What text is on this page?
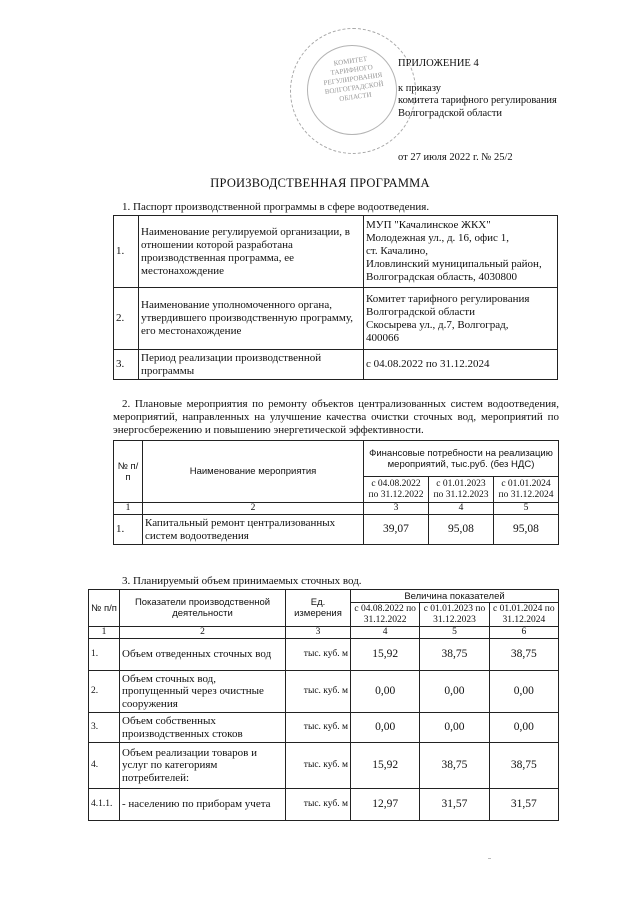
КОМИТЕТ ТАРИФНОГО РЕГУЛИРОВАНИЯ ВОЛГОГРАДСКОЙ ОБЛАСТИ
ПРИЛОЖЕНИЕ 4
к приказу
комитета тарифного регулирования
Волгоградской области
от 27 июля 2022 г. № 25/2
ПРОИЗВОДСТВЕННАЯ ПРОГРАММА
1. Паспорт производственной программы в сфере водоотведения.
1.	Наименование регулируемой организации, в отношении которой разработана производственная программа, ее местонахождение	МУП "Качалинское ЖКХ"
Молодежная ул., д. 16, офис 1,
ст. Качалино,
Иловлинский муниципальный район,
Волгоградская область, 4030800

2.	Наименование уполномоченного органа, утвердившего производственную программу, его местонахождение	Комитет тарифного регулирования
Волгоградской области
Скосырева ул., д.7, Волгоград,
400066

3.	Период реализации производственной программы	с 04.08.2022 по 31.12.2024
2. Плановые мероприятия по ремонту объектов централизованных систем водоотведения, мероприятий, направленных на улучшение качества очистки сточных вод, мероприятий по энергосбережению и повышению энергетической эффективности.
№ п/п	Наименование мероприятия	Финансовые потребности на реализацию мероприятий, тыс.руб. (без НДС)		
		с 04.08.2022 по 31.12.2022	с 01.01.2023 по 31.12.2023	с 01.01.2024 по 31.12.2024
1	2	3	4	5
1.	Капитальный ремонт централизованных систем водоотведения	39,07	95,08	95,08
3. Планируемый объем принимаемых сточных вод.
№ п/п	Показатели производственной деятельности	Ед. измерения	Величина показателей		
			с 04.08.2022 по 31.12.2022	с 01.01.2023 по 31.12.2023	с 01.01.2024 по 31.12.2024
1	2	3	4	5	6
1.	Объем отведенных сточных вод	тыс. куб. м	15,92	38,75	38,75
2.	Объем сточных вод, пропущенный через очистные сооружения	тыс. куб. м	0,00	0,00	0,00
3.	Объем собственных производственных стоков	тыс. куб. м	0,00	0,00	0,00
4.	Объем реализации товаров и услуг по категориям потребителей:	тыс. куб. м	15,92	38,75	38,75
4.1.1.	- населению по приборам учета	тыс. куб. м	12,97	31,57	31,57
